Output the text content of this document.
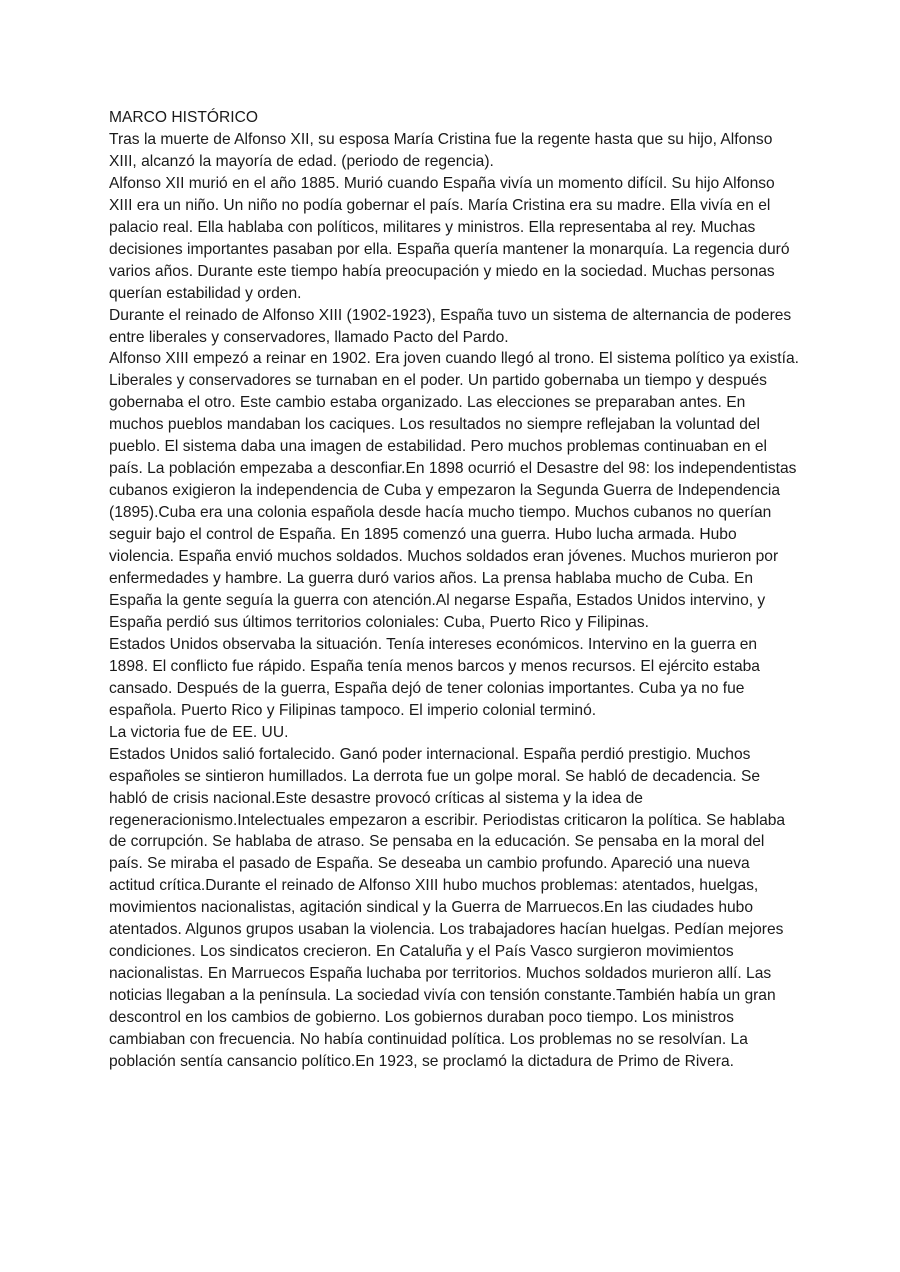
MARCO HISTÓRICO

Tras la muerte de Alfonso XII, su esposa María Cristina fue la regente hasta que su hijo, Alfonso XIII, alcanzó la mayoría de edad. (periodo de regencia).

Alfonso XII murió en el año 1885. Murió cuando España vivía un momento difícil. Su hijo Alfonso XIII era un niño. Un niño no podía gobernar el país. María Cristina era su madre. Ella vivía en el palacio real. Ella hablaba con políticos, militares y ministros. Ella representaba al rey. Muchas decisiones importantes pasaban por ella. España quería mantener la monarquía. La regencia duró varios años. Durante este tiempo había preocupación y miedo en la sociedad. Muchas personas querían estabilidad y orden.

Durante el reinado de Alfonso XIII (1902-1923), España tuvo un sistema de alternancia de poderes entre liberales y conservadores, llamado Pacto del Pardo.

Alfonso XIII empezó a reinar en 1902. Era joven cuando llegó al trono. El sistema político ya existía. Liberales y conservadores se turnaban en el poder. Un partido gobernaba un tiempo y después gobernaba el otro. Este cambio estaba organizado. Las elecciones se preparaban antes. En muchos pueblos mandaban los caciques. Los resultados no siempre reflejaban la voluntad del pueblo. El sistema daba una imagen de estabilidad. Pero muchos problemas continuaban en el país. La población empezaba a desconfiar.En 1898 ocurrió el Desastre del 98: los independentistas cubanos exigieron la independencia de Cuba y empezaron la Segunda Guerra de Independencia (1895).Cuba era una colonia española desde hacía mucho tiempo. Muchos cubanos no querían seguir bajo el control de España. En 1895 comenzó una guerra. Hubo lucha armada. Hubo violencia. España envió muchos soldados. Muchos soldados eran jóvenes. Muchos murieron por enfermedades y hambre. La guerra duró varios años. La prensa hablaba mucho de Cuba. En España la gente seguía la guerra con atención.Al negarse España, Estados Unidos intervino, y España perdió sus últimos territorios coloniales: Cuba, Puerto Rico y Filipinas.

Estados Unidos observaba la situación. Tenía intereses económicos. Intervino en la guerra en 1898. El conflicto fue rápido. España tenía menos barcos y menos recursos. El ejército estaba cansado. Después de la guerra, España dejó de tener colonias importantes. Cuba ya no fue española. Puerto Rico y Filipinas tampoco. El imperio colonial terminó.

La victoria fue de EE. UU.

Estados Unidos salió fortalecido. Ganó poder internacional. España perdió prestigio. Muchos españoles se sintieron humillados. La derrota fue un golpe moral. Se habló de decadencia. Se habló de crisis nacional.Este desastre provocó críticas al sistema y la idea de regeneracionismo.Intelectuales empezaron a escribir. Periodistas criticaron la política. Se hablaba de corrupción. Se hablaba de atraso. Se pensaba en la educación. Se pensaba en la moral del país. Se miraba el pasado de España. Se deseaba un cambio profundo. Apareció una nueva actitud crítica.Durante el reinado de Alfonso XIII hubo muchos problemas: atentados, huelgas, movimientos nacionalistas, agitación sindical y la Guerra de Marruecos.En las ciudades hubo atentados. Algunos grupos usaban la violencia. Los trabajadores hacían huelgas. Pedían mejores condiciones. Los sindicatos crecieron. En Cataluña y el País Vasco surgieron movimientos nacionalistas. En Marruecos España luchaba por territorios. Muchos soldados murieron allí. Las noticias llegaban a la península. La sociedad vivía con tensión constante.También había un gran descontrol en los cambios de gobierno. Los gobiernos duraban poco tiempo. Los ministros cambiaban con frecuencia. No había continuidad política. Los problemas no se resolvían. La población sentía cansancio político.En 1923, se proclamó la dictadura de Primo de Rivera.
